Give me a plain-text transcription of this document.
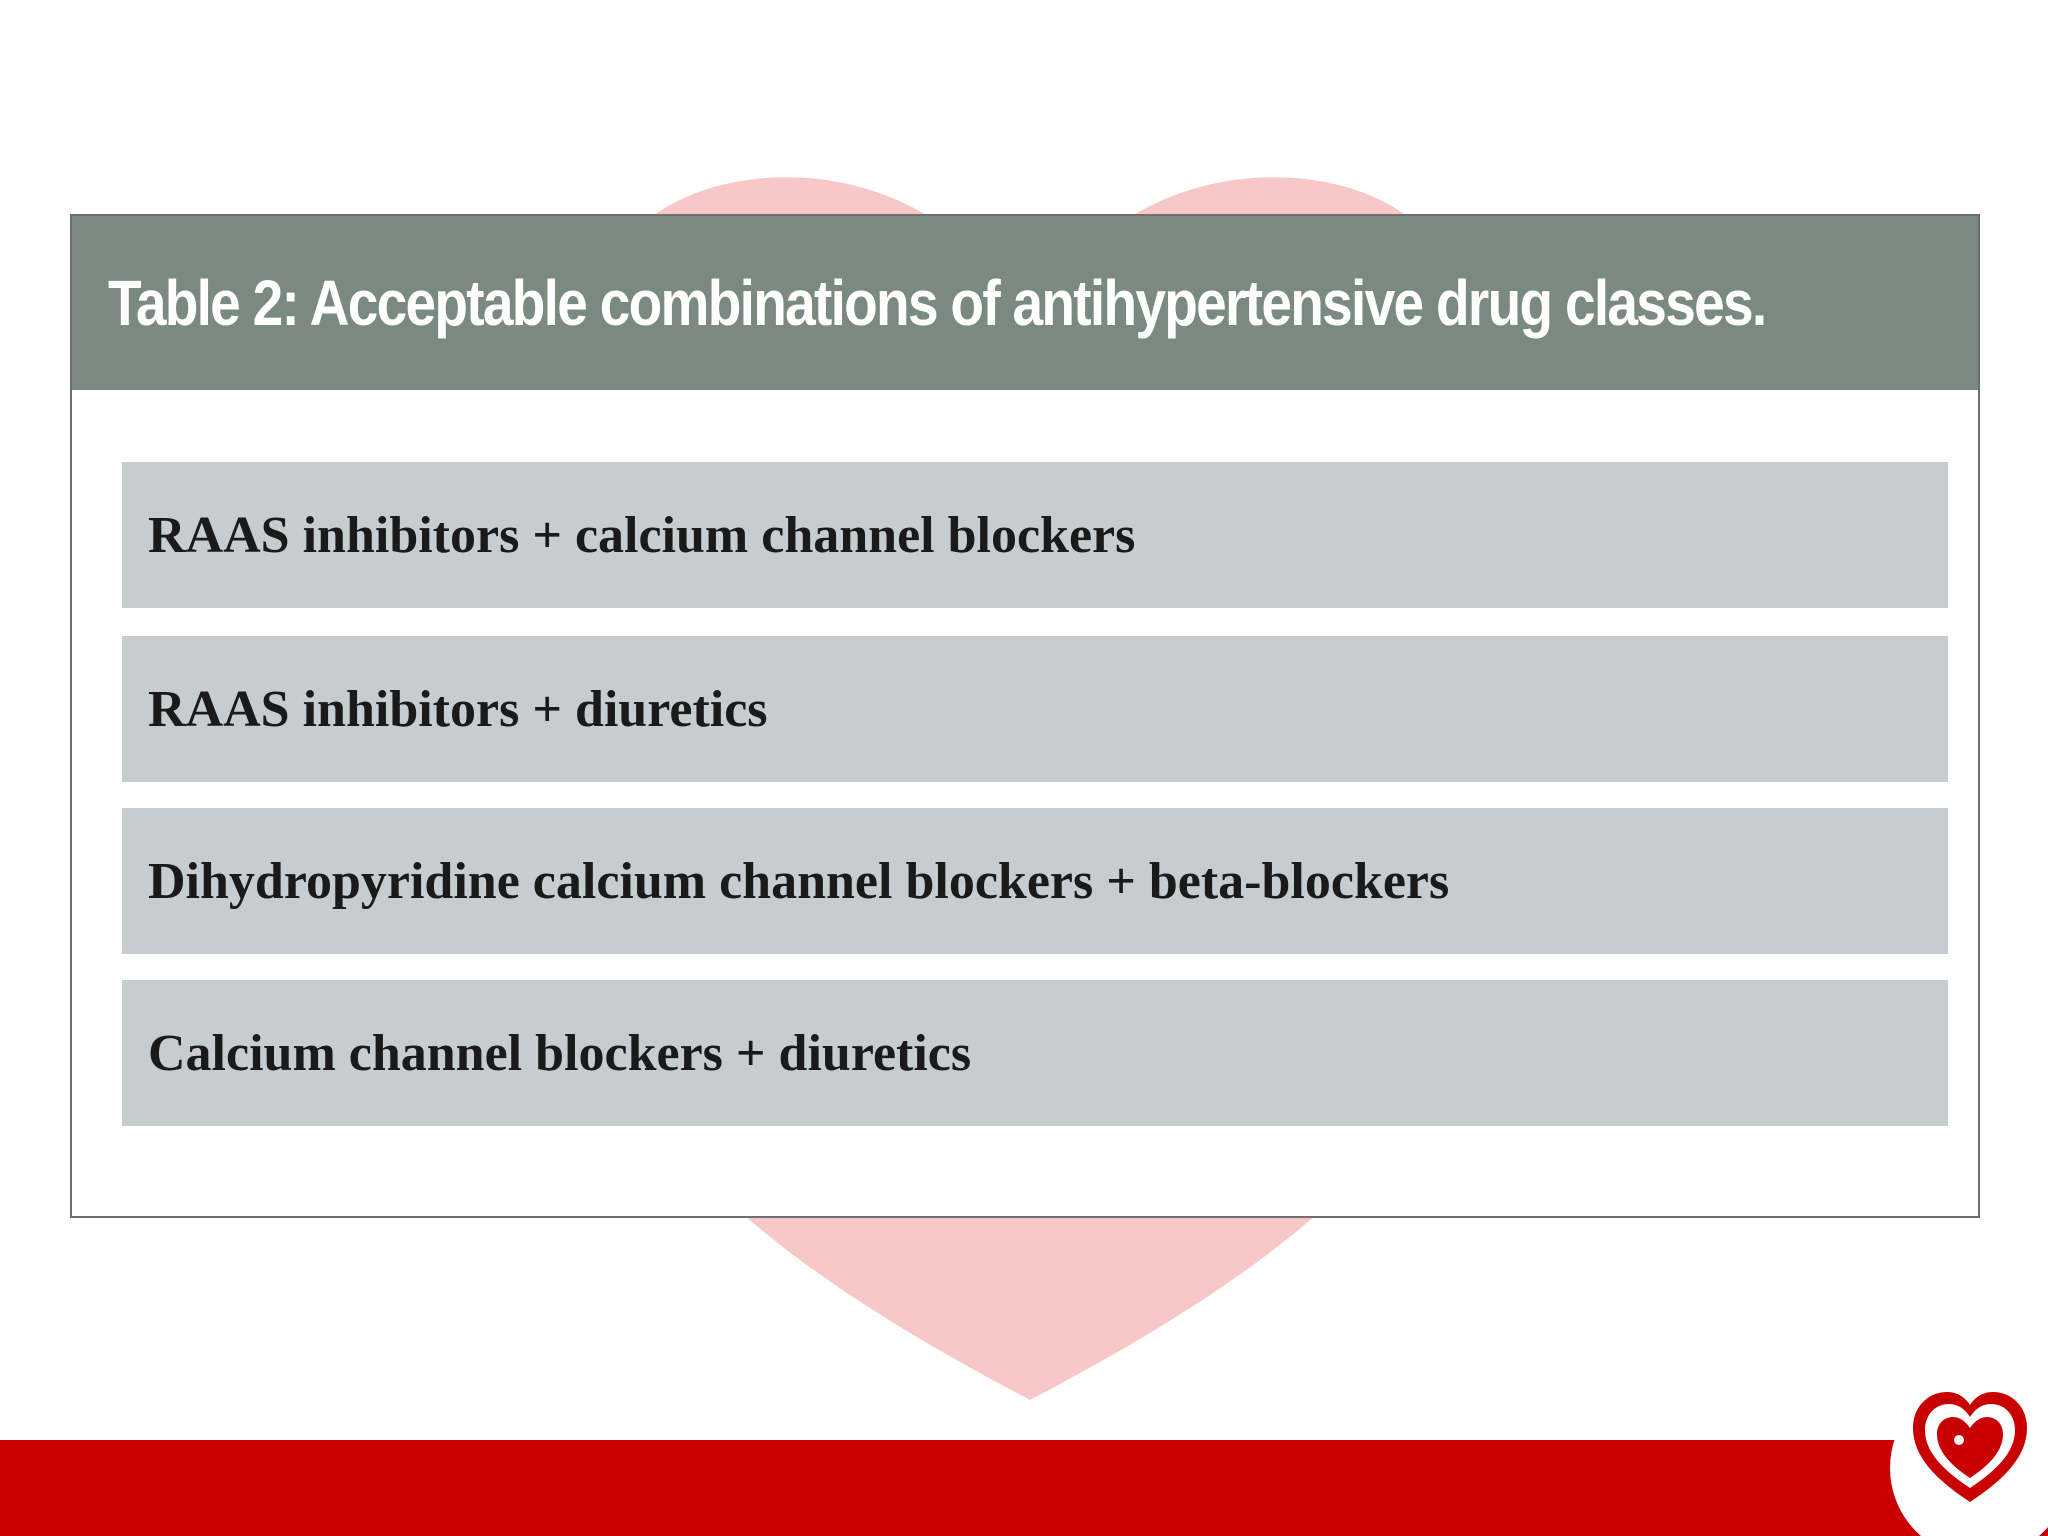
Table 2: Acceptable combinations of antihypertensive drug classes.
RAAS inhibitors + calcium channel blockers
RAAS inhibitors + diuretics
Dihydropyridine calcium channel blockers + beta-blockers
Calcium channel blockers + diuretics
